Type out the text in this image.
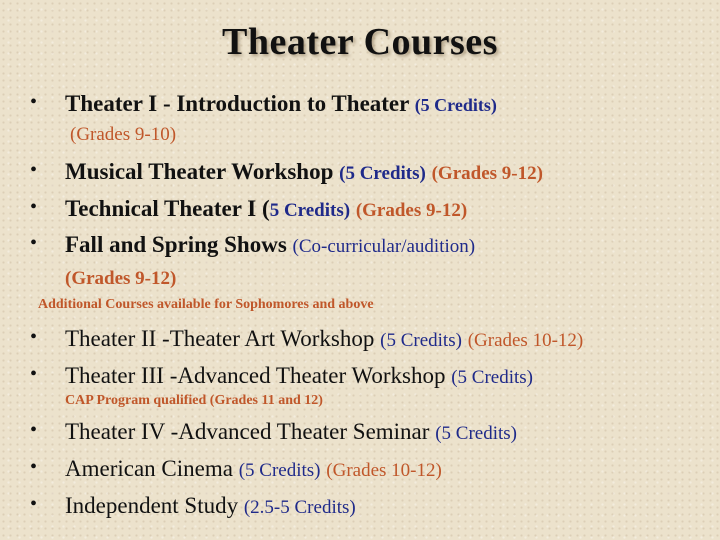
Theater Courses
• Theater I - Introduction to Theater (5 Credits)
(Grades 9-10)
• Musical Theater Workshop (5 Credits) (Grades 9-12)
• Technical Theater I (5 Credits) (Grades 9-12)
• Fall and Spring Shows (Co-curricular/audition)
(Grades 9-12)
Additional Courses available for Sophomores and above
• Theater II -Theater Art Workshop (5 Credits) (Grades 10-12)
• Theater III -Advanced Theater Workshop (5 Credits)
CAP Program qualified (Grades 11 and 12)
• Theater IV -Advanced Theater Seminar (5 Credits)
• American Cinema (5 Credits) (Grades 10-12)
• Independent Study (2.5-5 Credits)
